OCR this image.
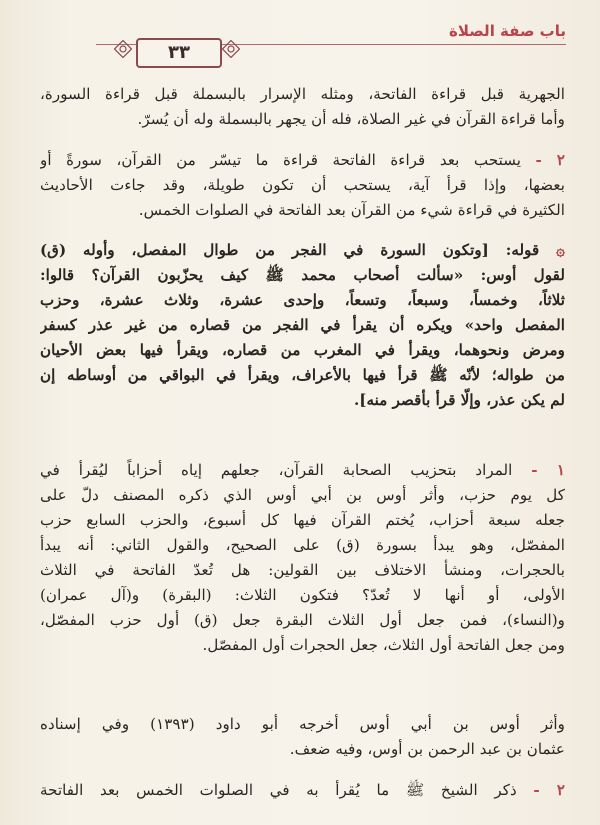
باب صفة الصلاة
٣٣
الجهرية قبل قراءة الفاتحة، ومثله الإسرار بالبسملة قبل قراءة السورة،
وأما قراءة القرآن في غير الصلاة، فله أن يجهر بالبسملة وله أن يُسرّ.
٢ - يستحب بعد قراءة الفاتحة قراءة ما تيسّر من القرآن، سورةً أو
بعضها، وإذا قرأ آية، يستحب أن تكون طويلة، وقد جاءت الأحاديث
الكثيرة في قراءة شيء من القرآن بعد الفاتحة في الصلوات الخمس.
۞ قوله: [وتكون السورة في الفجر من طوال المفصل، وأوله (ق)
لقول أوس: «سألت أصحاب محمد ﷺ كيف يحزّبون القرآن؟ قالوا:
ثلاثاً، وخمساً، وسبعاً، وتسعاً، وإحدى عشرة، وثلاث عشرة، وحزب
المفصل واحد» ويكره أن يقرأ في الفجر من قصاره من غير عذر كسفر
ومرض ونحوهما، ويقرأ في المغرب من قصاره، ويقرأ فيها بعض الأحيان
من طواله؛ لأنّه ﷺ قرأ فيها بالأعراف، ويقرأ في البواقي من أوساطه إن
لم يكن عذر، وإلّا قرأ بأقصر منه].
١ - المراد بتحزيب الصحابة القرآن، جعلهم إياه أحزاباً ليُقرأ في
كل يوم حزب، وأثر أوس بن أبي أوس الذي ذكره المصنف دلّ على
جعله سبعة أحزاب، يُختم القرآن فيها كل أسبوع، والحزب السابع حزب
المفصّل، وهو يبدأ بسورة (ق) على الصحيح، والقول الثاني: أنه يبدأ
بالحجرات، ومنشأ الاختلاف بين القولين: هل تُعدّ الفاتحة في الثلاث
الأولى، أو أنها لا تُعدّ؟ فتكون الثلاث: (البقرة) و(آل عمران)
و(النساء)، فمن جعل أول الثلاث البقرة جعل (ق) أول حزب المفصّل،
ومن جعل الفاتحة أول الثلاث، جعل الحجرات أول المفصّل.
وأثر أوس بن أبي أوس أخرجه أبو داود (١٣٩٣) وفي إسناده
عثمان بن عبد الرحمن بن أوس، وفيه ضعف.
٢ - ذكر الشيخ ﷺ ما يُقرأ به في الصلوات الخمس بعد الفاتحة
